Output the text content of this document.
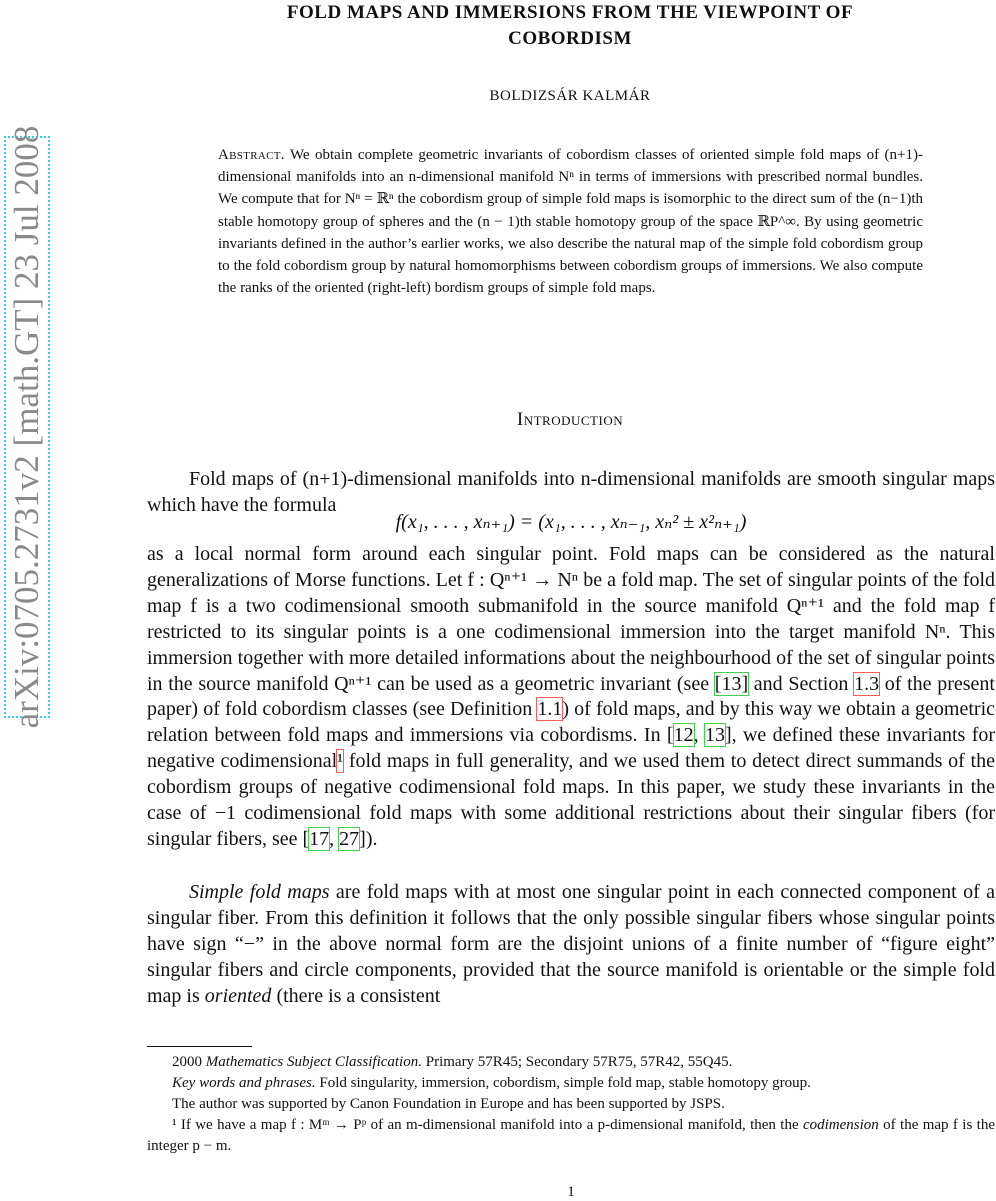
FOLD MAPS AND IMMERSIONS FROM THE VIEWPOINT OF
COBORDISM
BOLDIZSÁR KALMÁR
arXiv:0705.2731v2 [math.GT] 23 Jul 2008	Abstract. We obtain complete geometric invariants of cobordism classes of oriented simple fold maps of (n+1)-dimensional manifolds into an n-dimensional manifold Nⁿ in terms of immersions with prescribed normal bundles. We compute that for Nⁿ = ℝⁿ the cobordism group of simple fold maps is isomorphic to the direct sum of the (n−1)th stable homotopy group of spheres and the (n − 1)th stable homotopy group of the space ℝP^∞. By using geometric invariants defined in the author’s earlier works, we also describe the natural map of the simple fold cobordism group to the fold cobordism group by natural homomorphisms between cobordism groups of immersions. We also compute the ranks of the oriented (right-left) bordism groups of simple fold maps.
Introduction

Fold maps of (n+1)-dimensional manifolds into n-dimensional manifolds are smooth singular maps which have the formula

f(x₁, . . . , xₙ₊₁) = (x₁, . . . , xₙ₋₁, xₙ² ± x²ₙ₊₁)

as a local normal form around each singular point. Fold maps can be considered as the natural generalizations of Morse functions. Let f : Qⁿ⁺¹ → Nⁿ be a fold map. The set of singular points of the fold map f is a two codimensional smooth submanifold in the source manifold Qⁿ⁺¹ and the fold map f restricted to its singular points is a one codimensional immersion into the target manifold Nⁿ. This immersion together with more detailed informations about the neighbourhood of the set of singular points in the source manifold Qⁿ⁺¹ can be used as a geometric invariant (see [13] and Section 1.3 of the present paper) of fold cobordism classes (see Definition 1.1) of fold maps, and by this way we obtain a geometric relation between fold maps and immersions via cobordisms. In [12, 13], we defined these invariants for negative codimensional¹ fold maps in full generality, and we used them to detect direct summands of the cobordism groups of negative codimensional fold maps. In this paper, we study these invariants in the case of −1 codimensional fold maps with some additional restrictions about their singular fibers (for singular fibers, see [17, 27]).

Simple fold maps are fold maps with at most one singular point in each connected component of a singular fiber. From this definition it follows that the only possible singular fibers whose singular points have sign “−” in the above normal form are the disjoint unions of a finite number of “figure eight” singular fibers and circle components, provided that the source manifold is orientable or the simple fold map is oriented (there is a consistent

2000 Mathematics Subject Classification. Primary 57R45; Secondary 57R75, 57R42, 55Q45.

Key words and phrases. Fold singularity, immersion, cobordism, simple fold map, stable homotopy group.

The author was supported by Canon Foundation in Europe and has been supported by JSPS.

¹ If we have a map f : Mᵐ → Pᵖ of an m-dimensional manifold into a p-dimensional manifold, then the codimension of the map f is the integer p − m.

1
